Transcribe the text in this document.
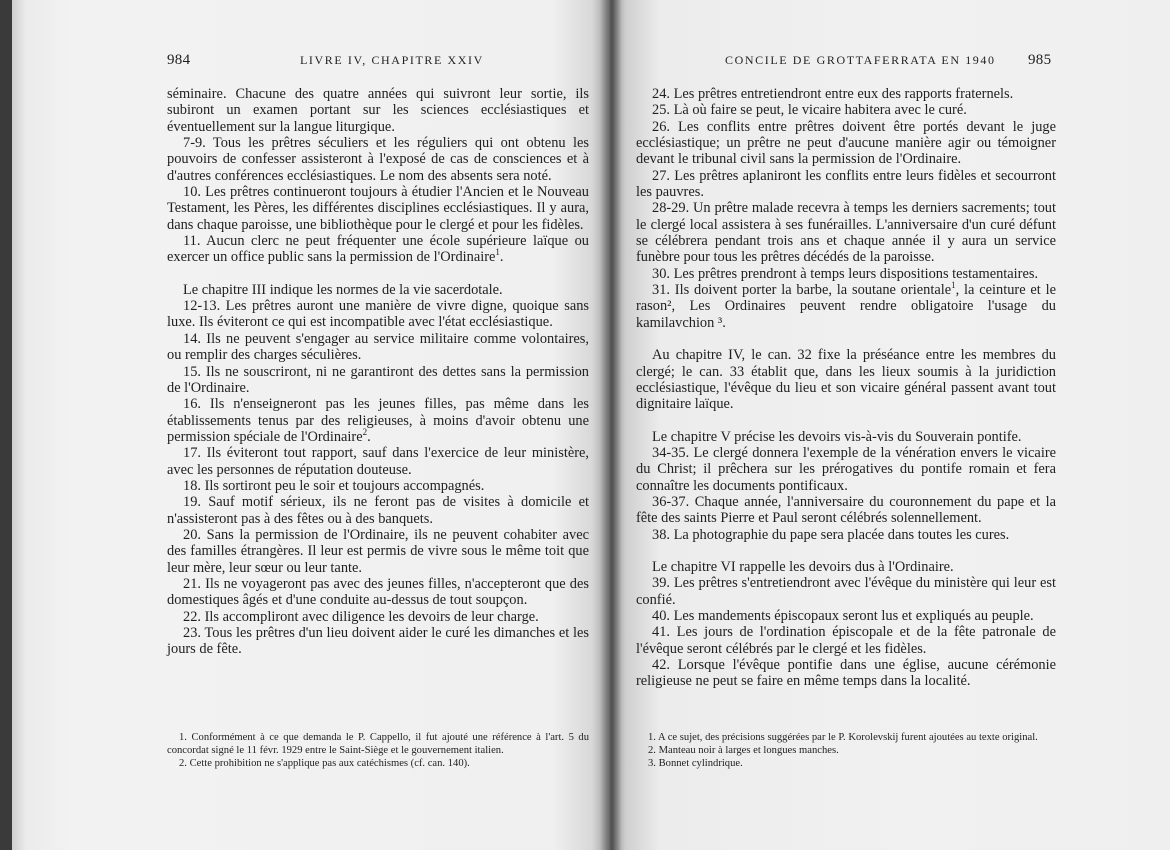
984	LIVRE IV, CHAPITRE XXIV

séminaire. Chacune des quatre années qui suivront leur sortie, ils subiront un examen portant sur les sciences ecclésiastiques et éventuellement sur la langue liturgique.

7-9. Tous les prêtres séculiers et les réguliers qui ont obtenu les pouvoirs de confesser assisteront à l'exposé de cas de consciences et à d'autres conférences ecclésiastiques. Le nom des absents sera noté.

10. Les prêtres continueront toujours à étudier l'Ancien et le Nouveau Testament, les Pères, les différentes disciplines ecclésiastiques. Il y aura, dans chaque paroisse, une bibliothèque pour le clergé et pour les fidèles.

11. Aucun clerc ne peut fréquenter une école supérieure laïque ou exercer un office public sans la permission de l'Ordinaire$^1$.

Le chapitre III indique les normes de la vie sacerdotale.

12-13. Les prêtres auront une manière de vivre digne, quoique sans luxe. Ils éviteront ce qui est incompatible avec l'état ecclésiastique.

14. Ils ne peuvent s'engager au service militaire comme volontaires, ou remplir des charges séculières.

15. Ils ne souscriront, ni ne garantiront des dettes sans la permission de l'Ordinaire.

16. Ils n'enseigneront pas les jeunes filles, pas même dans les établissements tenus par des religieuses, à moins d'avoir obtenu une permission spéciale de l'Ordinaire$^2$.

17. Ils éviteront tout rapport, sauf dans l'exercice de leur ministère, avec les personnes de réputation douteuse.

18. Ils sortiront peu le soir et toujours accompagnés.

19. Sauf motif sérieux, ils ne feront pas de visites à domicile et n'assisteront pas à des fêtes ou à des banquets.

20. Sans la permission de l'Ordinaire, ils ne peuvent cohabiter avec des familles étrangères. Il leur est permis de vivre sous le même toit que leur mère, leur sœur ou leur tante.

21. Ils ne voyageront pas avec des jeunes filles, n'accepteront que des domestiques âgés et d'une conduite au-dessus de tout soupçon.

22. Ils accompliront avec diligence les devoirs de leur charge.

23. Tous les prêtres d'un lieu doivent aider le curé les dimanches et les jours de fête.

1. Conformément à ce que demanda le P. Cappello, il fut ajouté une référence à l'art. 5 du concordat signé le 11 févr. 1929 entre le Saint-Siège et le gouvernement italien.

2. Cette prohibition ne s'applique pas aux catéchismes (cf. can. 140).

CONCILE DE GROTTAFERRATA EN 1940 985

24. Les prêtres entretiendront entre eux des rapports fraternels.

25. Là où faire se peut, le vicaire habitera avec le curé.

26. Les conflits entre prêtres doivent être portés devant le juge ecclésiastique; un prêtre ne peut d'aucune manière agir ou témoigner devant le tribunal civil sans la permission de l'Ordinaire.

27. Les prêtres aplaniront les conflits entre leurs fidèles et secourront les pauvres.

28-29. Un prêtre malade recevra à temps les derniers sacrements; tout le clergé local assistera à ses funérailles. L'anniversaire d'un curé défunt se célébrera pendant trois ans et chaque année il y aura un service funèbre pour tous les prêtres décédés de la paroisse.

30. Les prêtres prendront à temps leurs dispositions testamentaires.

31. Ils doivent porter la barbe, la soutane orientale$^1$, la ceinture et le rason², Les Ordinaires peuvent rendre obligatoire l'usage du kamilavchion ³.

Au chapitre IV, le can. 32 fixe la préséance entre les membres du clergé; le can. 33 établit que, dans les lieux soumis à la juridiction ecclésiastique, l'évêque du lieu et son vicaire général passent avant tout dignitaire laïque.

Le chapitre V précise les devoirs vis-à-vis du Souverain pontife.

34-35. Le clergé donnera l'exemple de la vénération envers le vicaire du Christ; il prêchera sur les prérogatives du pontife romain et fera connaître les documents pontificaux.

36-37. Chaque année, l'anniversaire du couronnement du pape et la fête des saints Pierre et Paul seront célébrés solennellement.

38. La photographie du pape sera placée dans toutes les cures.

Le chapitre VI rappelle les devoirs dus à l'Ordinaire.

39. Les prêtres s'entretiendront avec l'évêque du ministère qui leur est confié.

40. Les mandements épiscopaux seront lus et expliqués au peuple.

41. Les jours de l'ordination épiscopale et de la fête patronale de l'évêque seront célébrés par le clergé et les fidèles.

42. Lorsque l'évêque pontifie dans une église, aucune cérémonie religieuse ne peut se faire en même temps dans la localité.

1. A ce sujet, des précisions suggérées par le P. Korolevskij furent ajoutées au texte original.

2. Manteau noir à larges et longues manches.

3. Bonnet cylindrique.
